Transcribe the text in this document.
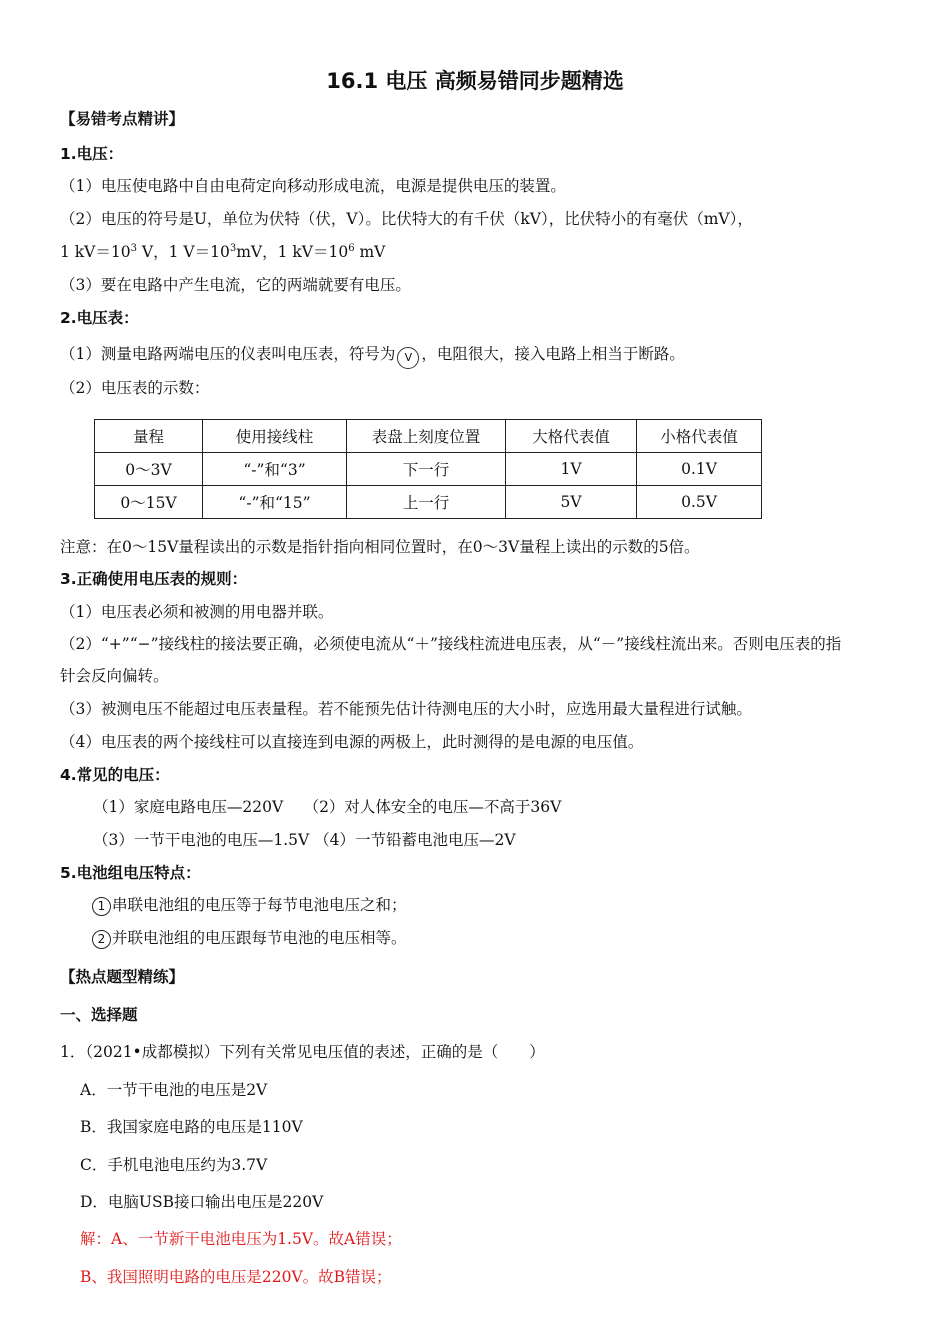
16.1 电压 高频易错同步题精选
【易错考点精讲】
1.电压：
（1）电压使电路中自由电荷定向移动形成电流，电源是提供电压的装置。
（2）电压的符号是U，单位为伏特（伏，V）。比伏特大的有千伏（kV），比伏特小的有毫伏（mV），
1 $kV=10^3$ V，1 $V=10^3mV$，1 $kV=10^6$ mV
（3）要在电路中产生电流，它的两端就要有电压。
2.电压表：
（1）测量电路两端电压的仪表叫电压表，符号为 V ，电阻很大，接入电路上相当于断路。
（2）电压表的示数：
量程	使用接线柱	表盘上刻度位置	大格代表值	小格代表值
0～3V	“-”和“3”	下一行	1V	0.1V
0～15V	“-”和“15”	上一行	5V	0.5V
注意：在0～15V量程读出的示数是指针指向相同位置时，在0～3V量程上读出的示数的5倍。
3.正确使用电压表的规则：
（1）电压表必须和被测的用电器并联。
（2）“+”“−”接线柱的接法要正确，必须使电流从“＋”接线柱流进电压表，从“－”接线柱流出来。否则电压表的指
针会反向偏转。
（3）被测电压不能超过电压表量程。若不能预先估计待测电压的大小时，应选用最大量程进行试触。
（4）电压表的两个接线柱可以直接连到电源的两极上，此时测得的是电源的电压值。
4.常见的电压：
（1）家庭电路电压—220V　 （2）对人体安全的电压—不高于36V
（3）一节干电池的电压—1.5V （4）一节铅蓄电池电压—2V
5.电池组电压特点：
1 串联电池组的电压等于每节电池电压之和；
2 并联电池组的电压跟每节电池的电压相等。
【热点题型精练】
一、选择题
1．（2021•成都模拟）下列有关常见电压值的表述，正确的是（　　）
A．一节干电池的电压是2V
B．我国家庭电路的电压是110V
C．手机电池电压约为3.7V
D．电脑USB接口输出电压是220V
解：A、一节新干电池电压为1.5V。故A错误；
B、我国照明电路的电压是220V。故B错误；
